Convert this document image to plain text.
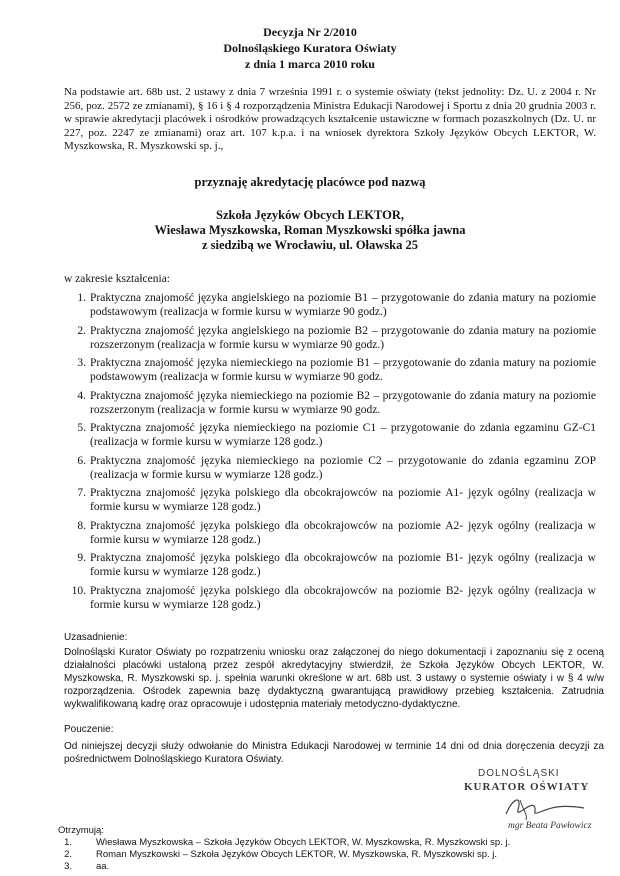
Decyzja Nr 2/2010
Dolnośląskiego Kuratora Oświaty
z dnia 1 marca 2010 roku
Na podstawie art. 68b ust. 2 ustawy z dnia 7 września 1991 r. o systemie oświaty (tekst jednolity: Dz. U. z 2004 r. Nr 256, poz. 2572 ze zmianami), § 16 i § 4 rozporządzenia Ministra Edukacji Narodowej i Sportu z dnia 20 grudnia 2003 r. w sprawie akredytacji placówek i ośrodków prowadzących kształcenie ustawiczne w formach pozaszkolnych (Dz. U. nr 227, poz. 2247 ze zmianami) oraz art. 107 k.p.a. i na wniosek dyrektora Szkoły Języków Obcych LEKTOR, W. Myszkowska, R. Myszkowski sp. j.,
przyznaję akredytację placówce pod nazwą
Szkoła Języków Obcych LEKTOR,
Wiesława Myszkowska, Roman Myszkowski spółka jawna
z siedzibą we Wrocławiu, ul. Oławska 25
w zakresie kształcenia:
1. Praktyczna znajomość języka angielskiego na poziomie B1 – przygotowanie do zdania matury na poziomie podstawowym (realizacja w formie kursu w wymiarze 90 godz.)
2. Praktyczna znajomość języka angielskiego na poziomie B2 – przygotowanie do zdania matury na poziomie rozszerzonym (realizacja w formie kursu w wymiarze 90 godz.)
3. Praktyczna znajomość języka niemieckiego na poziomie B1 – przygotowanie do zdania matury na poziomie podstawowym (realizacja w formie kursu w wymiarze 90 godz.
4. Praktyczna znajomość języka niemieckiego na poziomie B2 – przygotowanie do zdania matury na poziomie rozszerzonym (realizacja w formie kursu w wymiarze 90 godz.
5. Praktyczna znajomość języka niemieckiego na poziomie C1 – przygotowanie do zdania egzaminu GZ-C1 (realizacja w formie kursu w wymiarze 128 godz.)
6. Praktyczna znajomość języka niemieckiego na poziomie C2 – przygotowanie do zdania egzaminu ZOP (realizacja w formie kursu w wymiarze 128 godz.)
7. Praktyczna znajomość języka polskiego dla obcokrajowców na poziomie A1- język ogólny (realizacja w formie kursu w wymiarze 128 godz.)
8. Praktyczna znajomość języka polskiego dla obcokrajowców na poziomie A2- język ogólny (realizacja w formie kursu w wymiarze 128 godz.)
9. Praktyczna znajomość języka polskiego dla obcokrajowców na poziomie B1- język ogólny (realizacja w formie kursu w wymiarze 128 godz.)
10. Praktyczna znajomość języka polskiego dla obcokrajowców na poziomie B2- język ogólny (realizacja w formie kursu w wymiarze 128 godz.)
Uzasadnienie:
Dolnośląski Kurator Oświaty po rozpatrzeniu wniosku oraz załączonej do niego dokumentacji i zapoznaniu się z oceną działalności placówki ustaloną przez zespół akredytacyjny stwierdził, że Szkoła Języków Obcych LEKTOR, W. Myszkowska, R. Myszkowski sp. j. spełnia warunki określone w art. 68b ust. 3 ustawy o systemie oświaty i w § 4 w/w rozporządzenia. Ośrodek zapewnia bazę dydaktyczną gwarantującą prawidłowy przebieg kształcenia. Zatrudnia wykwalifikowaną kadrę oraz opracowuje i udostępnia materiały metodyczno-dydaktyczne.
Pouczenie:
Od niniejszej decyzji służy odwołanie do Ministra Edukacji Narodowej w terminie 14 dni od dnia doręczenia decyzji za pośrednictwem Dolnośląskiego Kuratora Oświaty.
DOLNOŚLĄSKI
KURATOR OŚWIATY
mgr Beata Pawłowicz
Otrzymują:
1.	Wiesława Myszkowska – Szkoła Języków Obcych LEKTOR, W. Myszkowska, R. Myszkowski sp. j.
2.	Roman Myszkowski – Szkoła Języków Obcych LEKTOR, W. Myszkowska, R. Myszkowski sp. j.
3.	aa.
